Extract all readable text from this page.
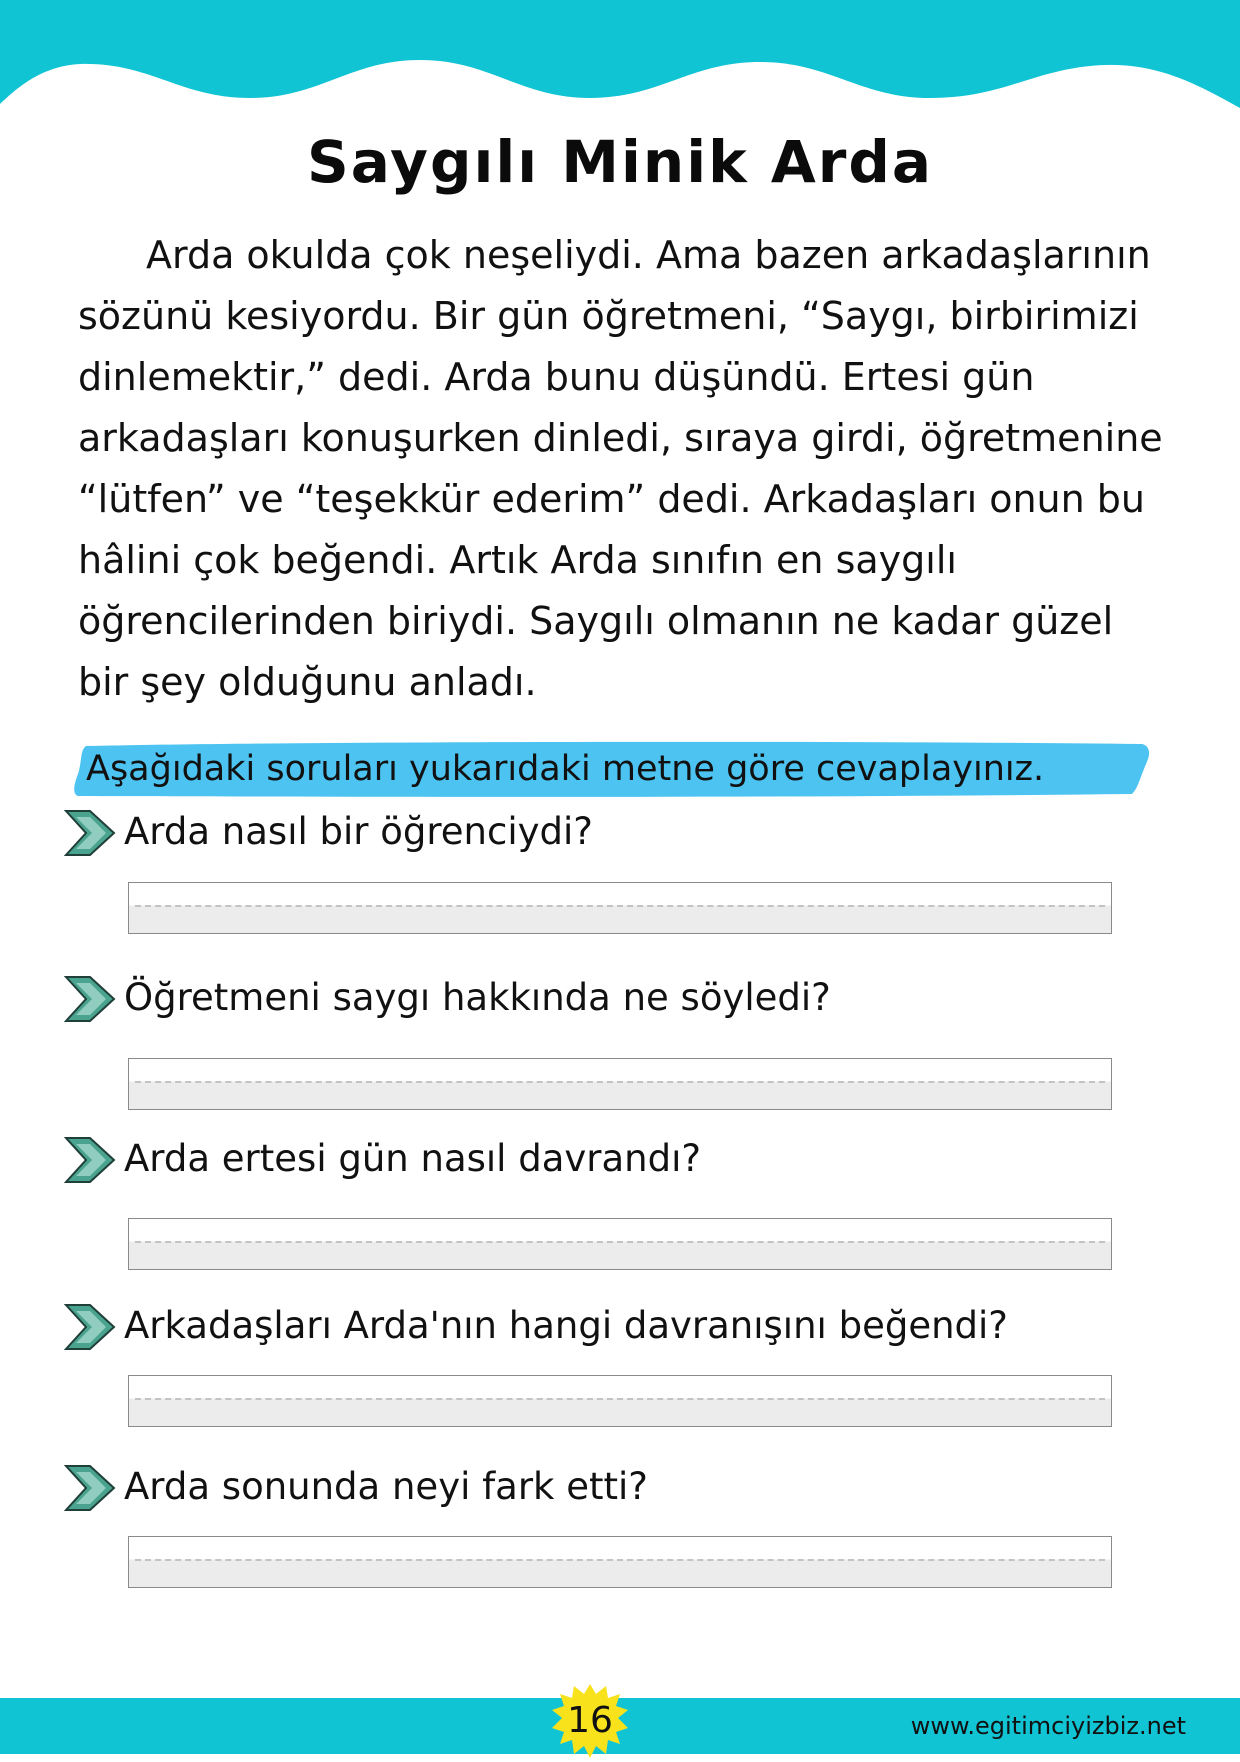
Saygılı Minik Arda

Arda okulda çok neşeliydi. Ama bazen arkadaşlarının sözünü kesiyordu. Bir gün öğretmeni, “Saygı, birbirimizi dinlemektir,” dedi. Arda bunu düşündü. Ertesi gün arkadaşları konuşurken dinledi, sıraya girdi, öğretmenine “lütfen” ve “teşekkür ederim” dedi. Arkadaşları onun bu hâlini çok beğendi. Artık Arda sınıfın en saygılı öğrencilerinden biriydi. Saygılı olmanın ne kadar güzel bir şey olduğunu anladı.

Aşağıdaki soruları yukarıdaki metne göre cevaplayınız.
Arda nasıl bir öğrenciydi?
Öğretmeni saygı hakkında ne söyledi?
Arda ertesi gün nasıl davrandı?
Arkadaşları Arda'nın hangi davranışını beğendi?
Arda sonunda neyi fark etti?
16	www.egitimciyizbiz.net
